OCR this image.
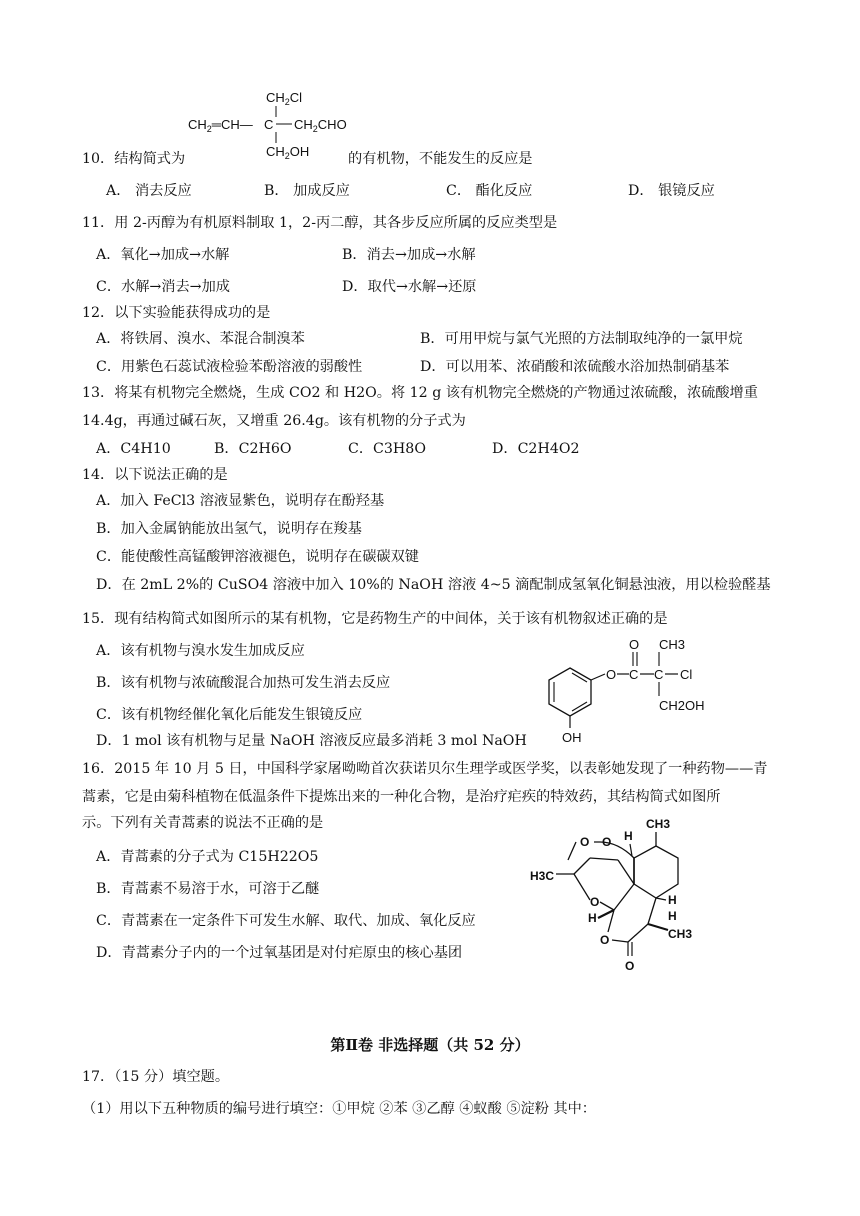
$CH_2Cl$
$CH_2═CH—$ C $CH_2CHO$
$CH_2OH$
10．结构简式为	的有机物，不能发生的反应是
A． 消去反应	B． 加成反应	C． 酯化反应	D． 银镜反应
11．用 2-丙醇为有机原料制取 1，2-丙二醇，其各步反应所属的反应类型是
A．氧化→加成→水解	B．消去→加成→水解
C．水解→消去→加成	D．取代→水解→还原
12．以下实验能获得成功的是
A．将铁屑、溴水、苯混合制溴苯	B．可用甲烷与氯气光照的方法制取纯净的一氯甲烷
C．用紫色石蕊试液检验苯酚溶液的弱酸性	D．可以用苯、浓硝酸和浓硫酸水浴加热制硝基苯
13．将某有机物完全燃烧，生成 CO2 和 H2O。将 12 g 该有机物完全燃烧的产物通过浓硫酸，浓硫酸增重
14.4g，再通过碱石灰，又增重 26.4g。该有机物的分子式为
A．C4H10	B．C2H6O	C．C3H8O	D．C2H4O2
14．以下说法正确的是
A．加入 FeCl3 溶液显紫色，说明存在酚羟基
B．加入金属钠能放出氢气，说明存在羧基
C．能使酸性高锰酸钾溶液褪色，说明存在碳碳双键
D．在 2mL 2%的 CuSO4 溶液中加入 10%的 NaOH 溶液 4~5 滴配制成氢氧化铜悬浊液，用以检验醛基
15．现有结构简式如图所示的某有机物，它是药物生产的中间体，关于该有机物叙述正确的是
A．该有机物与溴水发生加成反应
B．该有机物与浓硫酸混合加热可发生消去反应
C．该有机物经催化氧化后能发生银镜反应
D．1 mol 该有机物与足量 NaOH 溶液反应最多消耗 3 mol NaOH
O C
O
C
CH3
Cl
CH2OH
OH
16．2015 年 10 月 5 日，中国科学家屠呦呦首次获诺贝尔生理学或医学奖，以表彰她发现了一种药物——青
蒿素，它是由菊科植物在低温条件下提炼出来的一种化合物，是治疗疟疾的特效药，其结构简式如图所
示。下列有关青蒿素的说法不正确的是
A．青蒿素的分子式为 C15H22O5
B．青蒿素不易溶于水，可溶于乙醚
C．青蒿素在一定条件下可发生水解、取代、加成、氧化反应
D．青蒿素分子内的一个过氧基团是对付疟原虫的核心基团
CH3
H
O
O
H3C
O
H
O
O
H
H
CH3
第Ⅱ卷 非选择题（共 52 分）
17．（15 分）填空题。
（1）用以下五种物质的编号进行填空：①甲烷 ②苯 ③乙醇 ④蚁酸 ⑤淀粉 其中：
